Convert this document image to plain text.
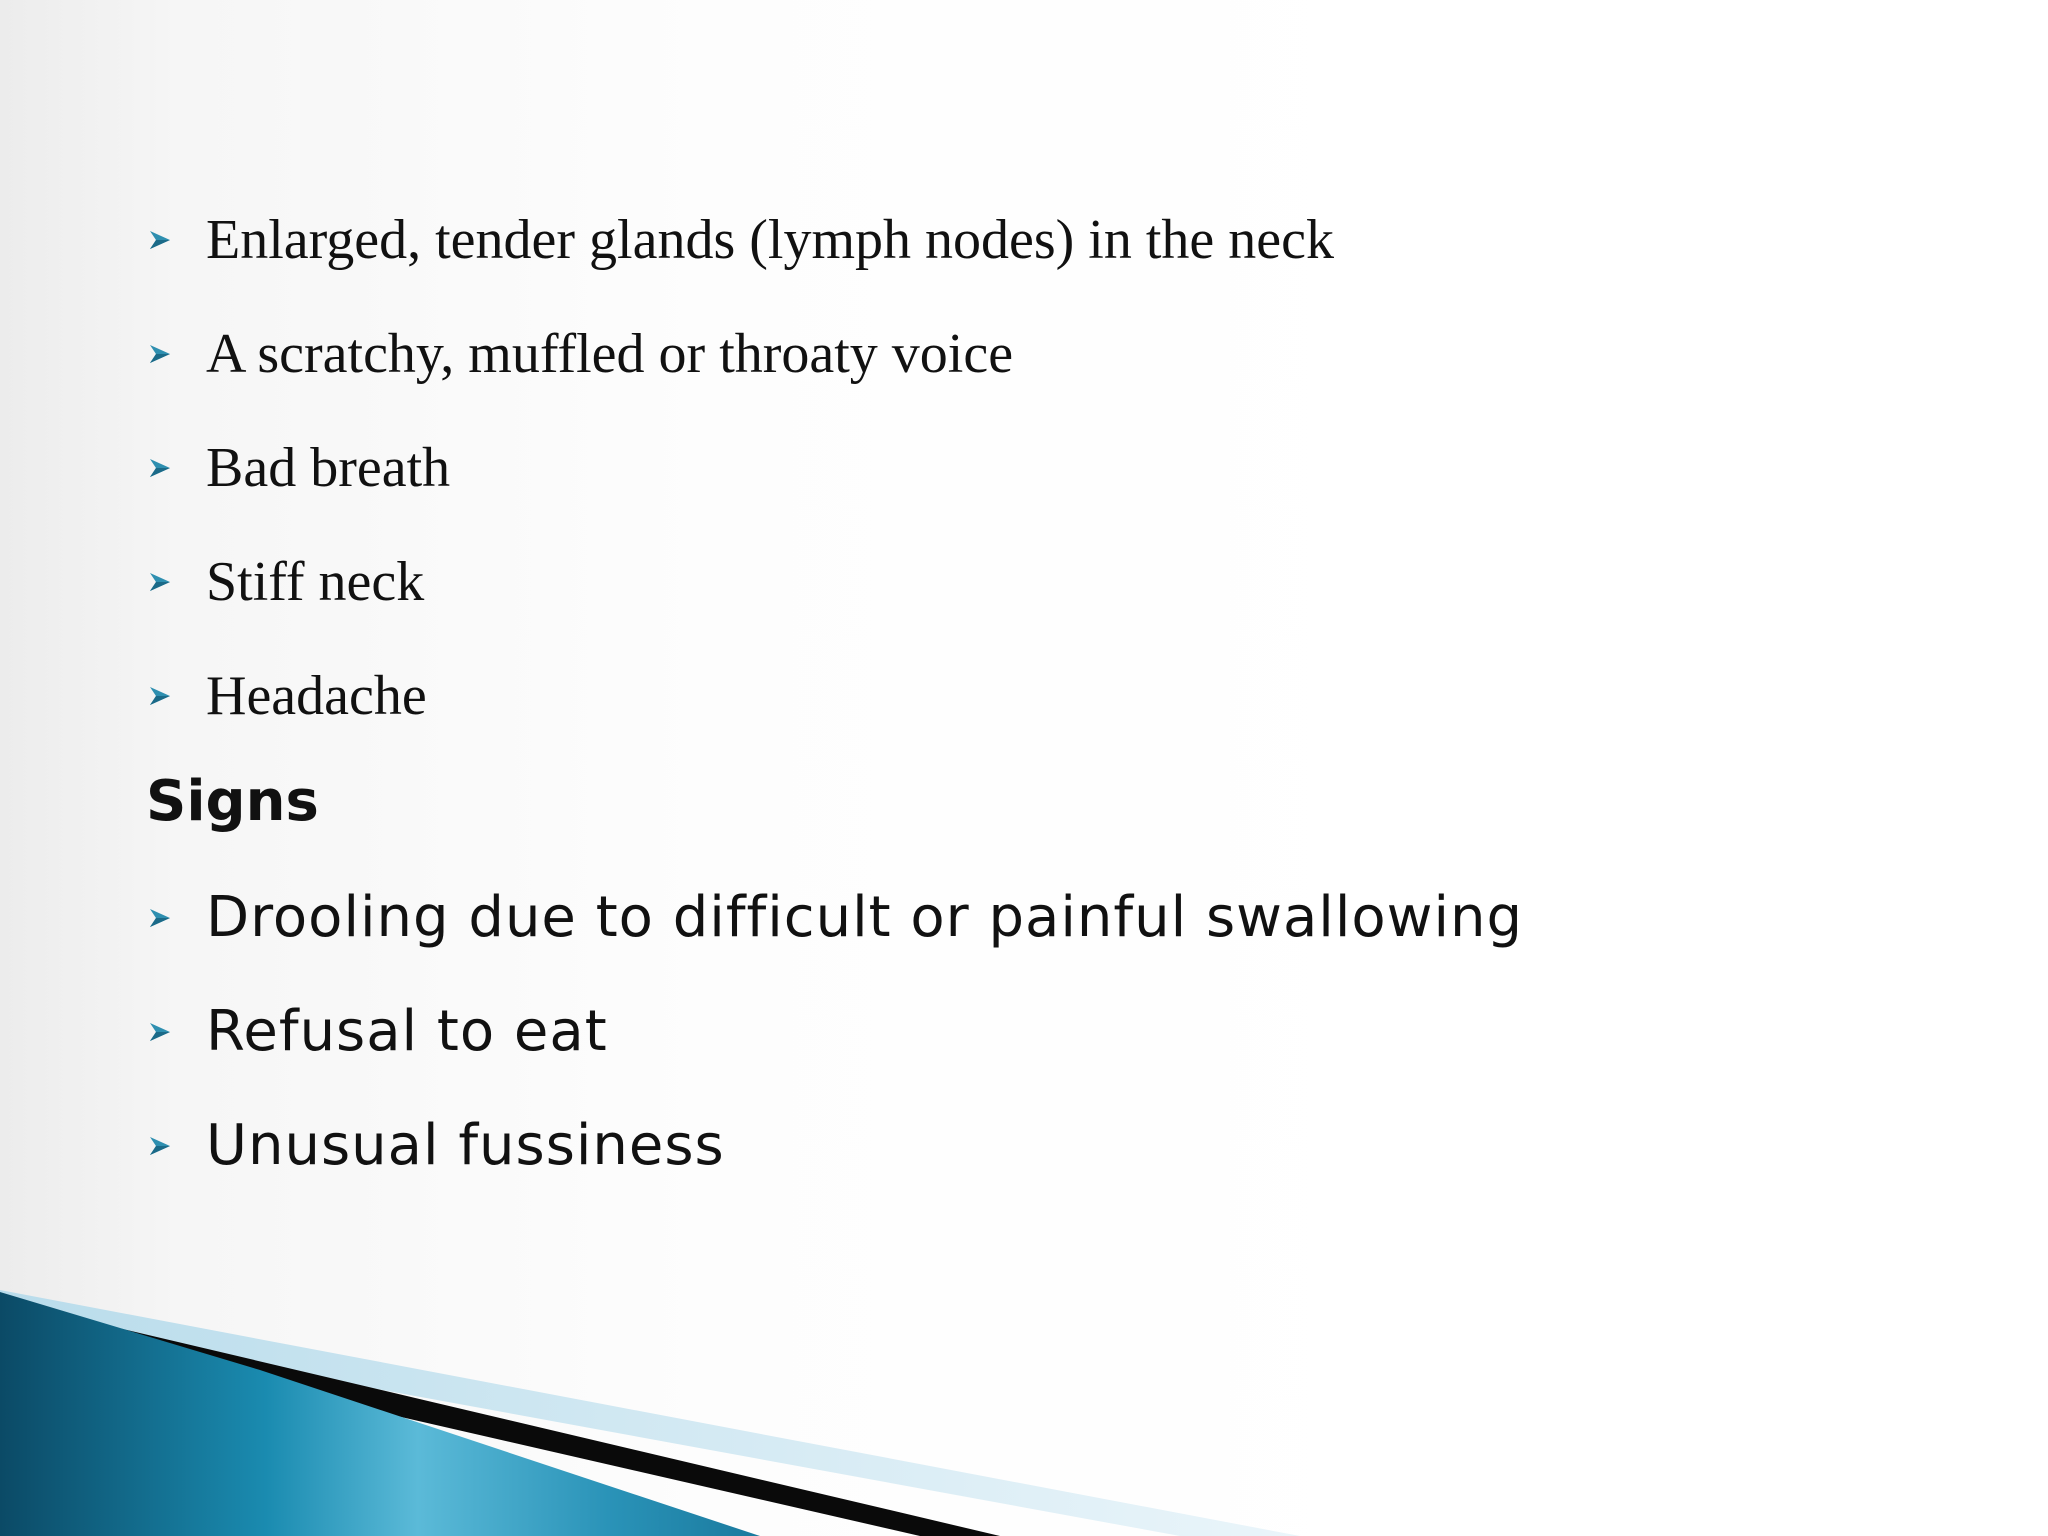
Enlarged, tender glands (lymph nodes) in the neck
A scratchy, muffled or throaty voice
Bad breath
Stiff neck
Headache
Signs
Drooling due to difficult or painful swallowing
Refusal to eat
Unusual fussiness
